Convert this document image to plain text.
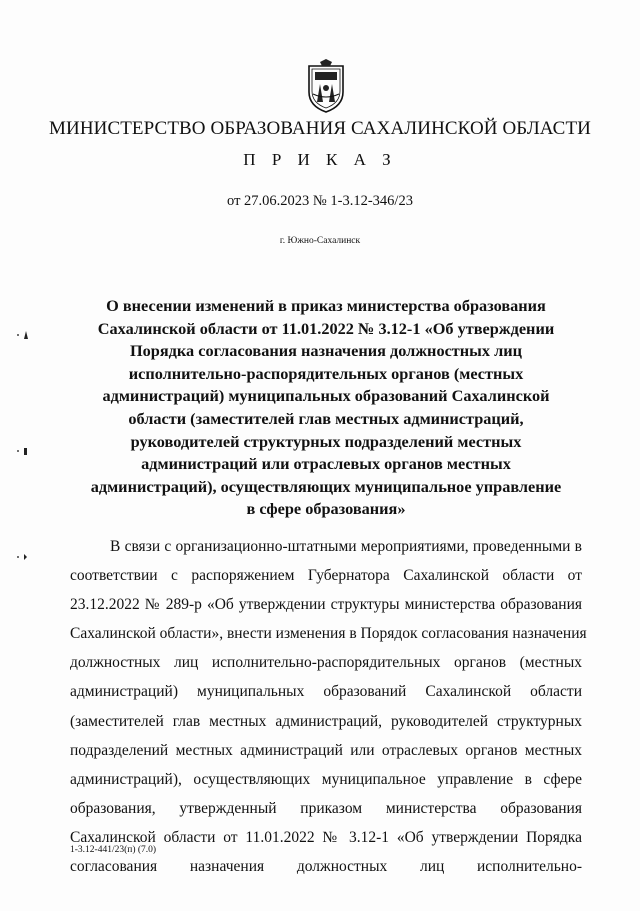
МИНИСТЕРСТВО ОБРАЗОВАНИЯ САХАЛИНСКОЙ ОБЛАСТИ
П Р И К А З
от 27.06.2023 № 1-3.12-346/23
г. Южно-Сахалинск
О внесении изменений в приказ министерства образования
Сахалинской области от 11.01.2022 № 3.12-1 «Об утверждении
Порядка согласования назначения должностных лиц
исполнительно-распорядительных органов (местных
администраций) муниципальных образований Сахалинской
области (заместителей глав местных администраций,
руководителей структурных подразделений местных
администраций или отраслевых органов местных
администраций), осуществляющих муниципальное управление
в сфере образования»
В связи с организационно-штатными мероприятиями, проведенными в
соответствии с распоряжением Губернатора Сахалинской области от
23.12.2022 № 289-р «Об утверждении структуры министерства образования
Сахалинской области», внести изменения в Порядок согласования назначения
должностных лиц исполнительно-распорядительных органов (местных
администраций) муниципальных образований Сахалинской области
(заместителей глав местных администраций, руководителей структурных
подразделений местных администраций или отраслевых органов местных
администраций), осуществляющих муниципальное управление в сфере
образования, утвержденный приказом министерства образования
Сахалинской области от 11.01.2022 № 3.12-1 «Об утверждении Порядка
согласования назначения должностных лиц исполнительно-
1-3.12-441/23(п) (7.0)
